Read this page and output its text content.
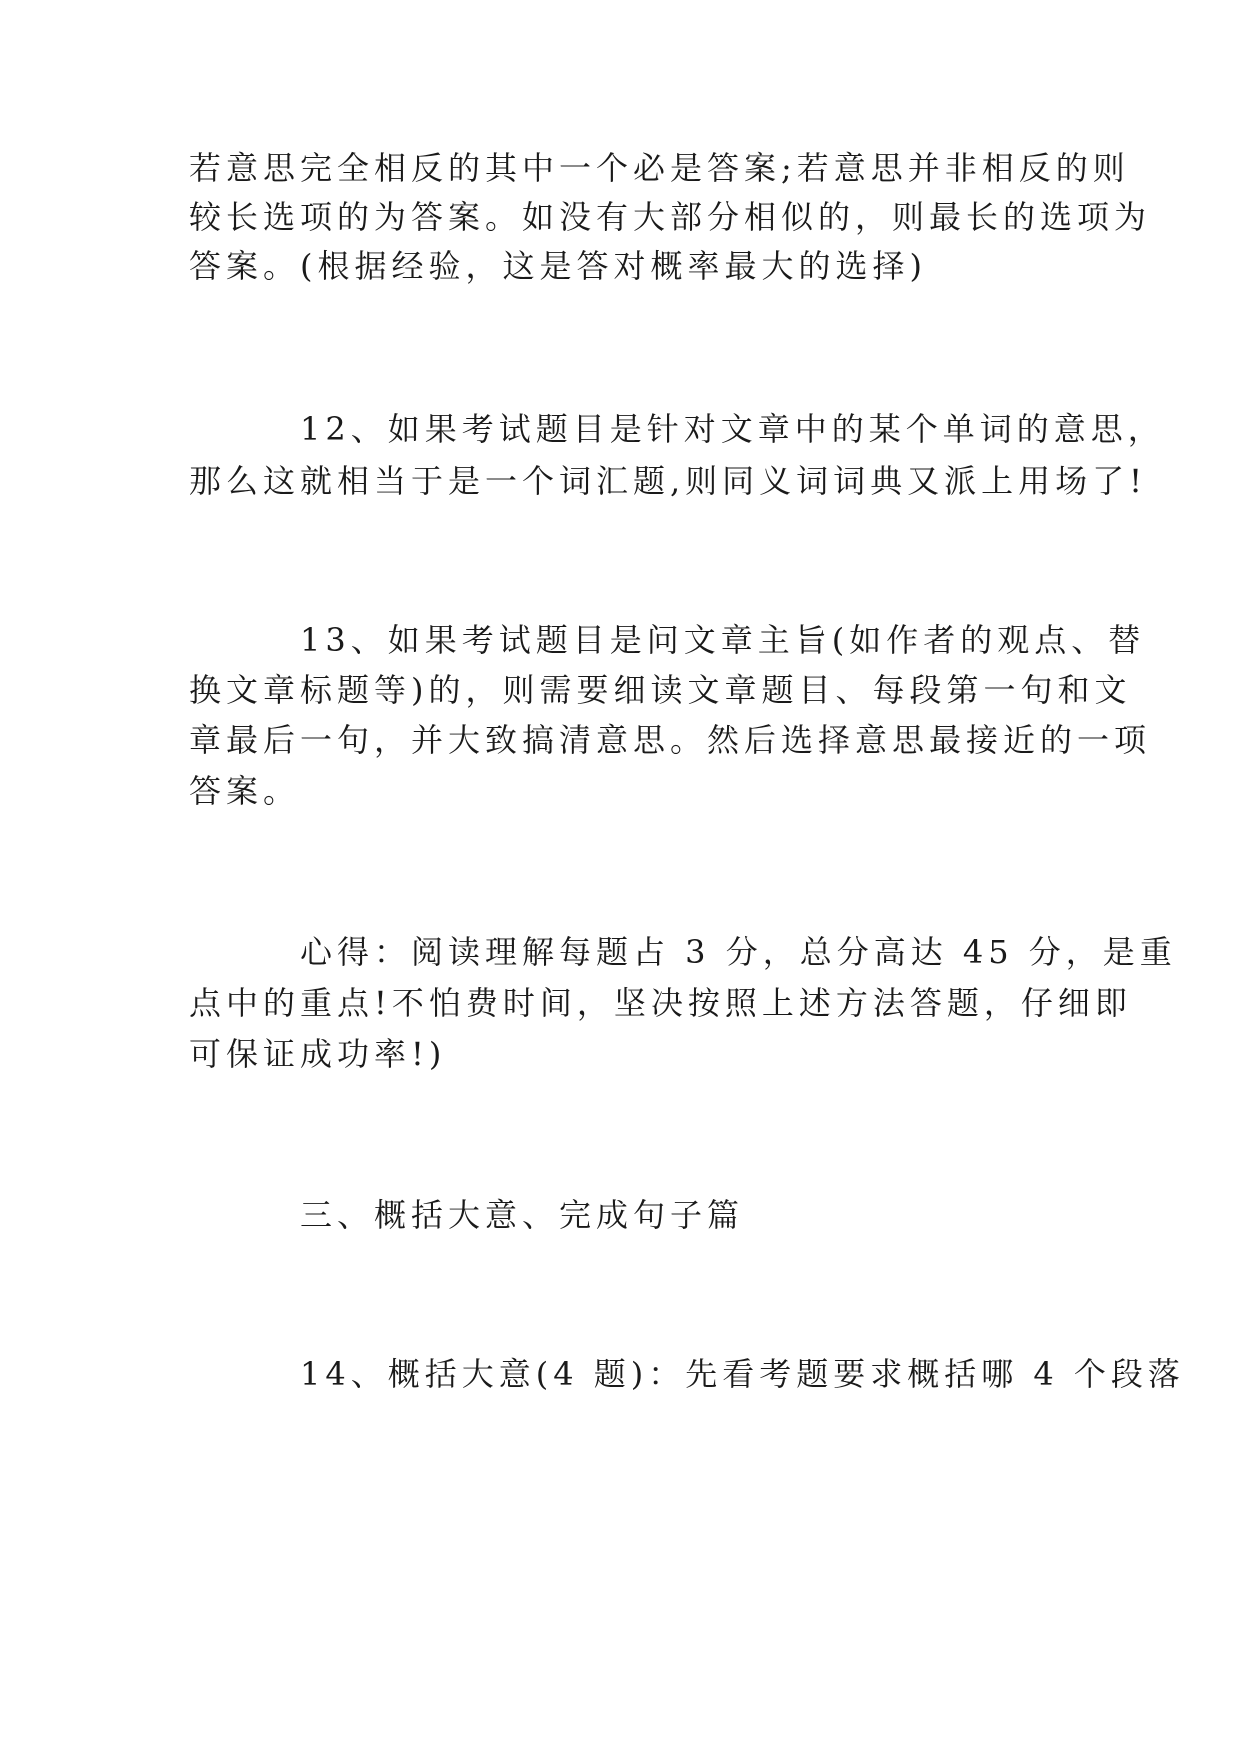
若意思完全相反的其中一个必是答案;若意思并非相反的则
较长选项的为答案。如没有大部分相似的，则最长的选项为
答案。(根据经验，这是答对概率最大的选择)
12、如果考试题目是针对文章中的某个单词的意思，
那么这就相当于是一个词汇题,则同义词词典又派上用场了!
13、如果考试题目是问文章主旨(如作者的观点、替
换文章标题等)的，则需要细读文章题目、每段第一句和文
章最后一句，并大致搞清意思。然后选择意思最接近的一项
答案。
心得：阅读理解每题占 3 分，总分高达 45 分，是重
点中的重点!不怕费时间，坚决按照上述方法答题，仔细即
可保证成功率!)
三、概括大意、完成句子篇
14、概括大意(4 题)：先看考题要求概括哪 4 个段落
